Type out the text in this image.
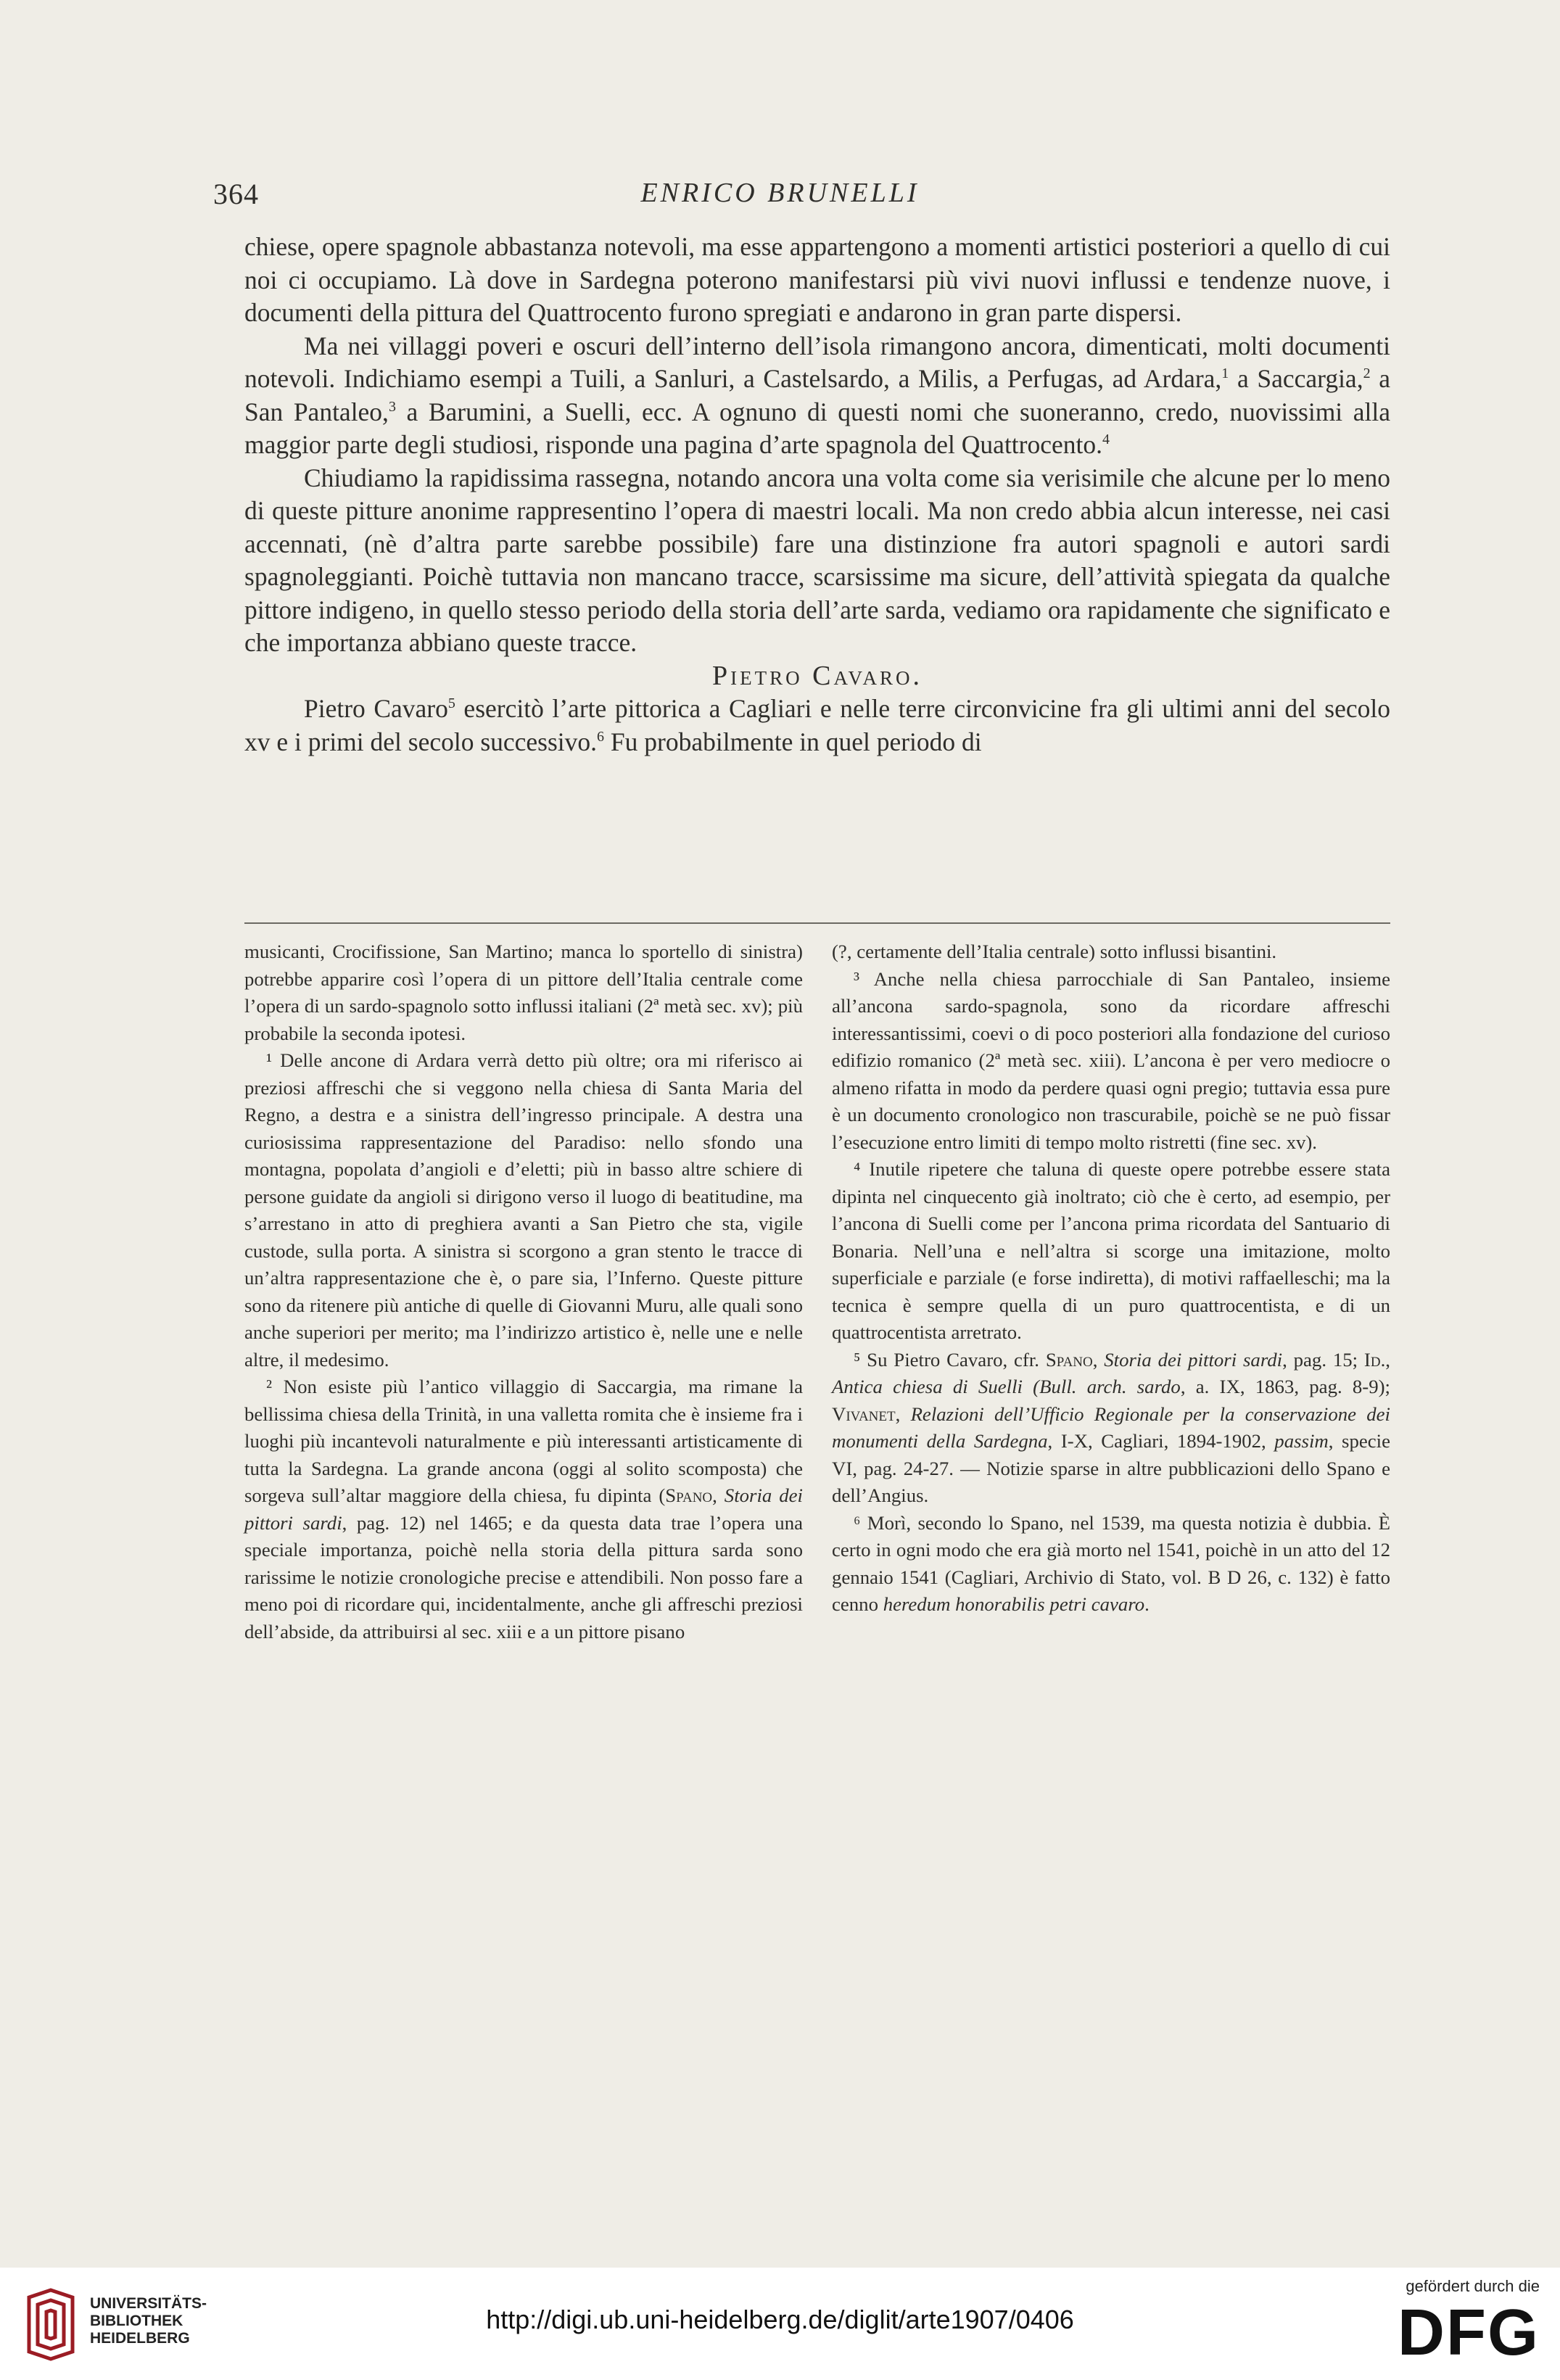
364	ENRICO BRUNELLI

chiese, opere spagnole abbastanza notevoli, ma esse appartengono a momenti artistici posteriori a quello di cui noi ci occupiamo. Là dove in Sardegna poterono manifestarsi più vivi nuovi influssi e tendenze nuove, i documenti della pittura del Quattrocento furono spregiati e andarono in gran parte dispersi.

Ma nei villaggi poveri e oscuri dell’interno dell’isola rimangono ancora, dimenticati, molti documenti notevoli. Indichiamo esempi a Tuili, a Sanluri, a Castelsardo, a Milis, a Perfugas, ad Ardara,$^1$ a Saccargia,$^2$ a San Pantaleo,$^3$ a Barumini, a Suelli, ecc. A ognuno di questi nomi che suoneranno, credo, nuovissimi alla maggior parte degli studiosi, risponde una pagina d’arte spagnola del Quattrocento.$^4$

Chiudiamo la rapidissima rassegna, notando ancora una volta come sia verisimile che alcune per lo meno di queste pitture anonime rappresentino l’opera di maestri locali. Ma non credo abbia alcun interesse, nei casi accennati, (nè d’altra parte sarebbe possibile) fare una distinzione fra autori spagnoli e autori sardi spagnoleggianti. Poichè tuttavia non mancano tracce, scarsissime ma sicure, dell’attività spiegata da qualche pittore indigeno, in quello stesso periodo della storia dell’arte sarda, vediamo ora rapidamente che significato e che importanza abbiano queste tracce.

Pietro Cavaro.

Pietro Cavaro$^5$ esercitò l’arte pittorica a Cagliari e nelle terre circonvicine fra gli ultimi anni del secolo xv e i primi del secolo successivo.$^6$ Fu probabilmente in quel periodo di

musicanti, Crocifissione, San Martino; manca lo sportello di sinistra) potrebbe apparire così l’opera di un pittore dell’Italia centrale come l’opera di un sardo-spagnolo sotto influssi italiani (2ª metà sec. xv); più probabile la seconda ipotesi.

¹ Delle ancone di Ardara verrà detto più oltre; ora mi riferisco ai preziosi affreschi che si veggono nella chiesa di Santa Maria del Regno, a destra e a sinistra dell’ingresso principale. A destra una curiosissima rappresentazione del Paradiso: nello sfondo una montagna, popolata d’angioli e d’eletti; più in basso altre schiere di persone guidate da angioli si dirigono verso il luogo di beatitudine, ma s’arrestano in atto di preghiera avanti a San Pietro che sta, vigile custode, sulla porta. A sinistra si scorgono a gran stento le tracce di un’altra rappresentazione che è, o pare sia, l’Inferno. Queste pitture sono da ritenere più antiche di quelle di Giovanni Muru, alle quali sono anche superiori per merito; ma l’indirizzo artistico è, nelle une e nelle altre, il medesimo.

² Non esiste più l’antico villaggio di Saccargia, ma rimane la bellissima chiesa della Trinità, in una valletta romita che è insieme fra i luoghi più incantevoli naturalmente e più interessanti artisticamente di tutta la Sardegna. La grande ancona (oggi al solito scomposta) che sorgeva sull’altar maggiore della chiesa, fu dipinta (Spano, Storia dei pittori sardi, pag. 12) nel 1465; e da questa data trae l’opera una speciale importanza, poichè nella storia della pittura sarda sono rarissime le notizie cronologiche precise e attendibili. Non posso fare a meno poi di ricordare qui, incidentalmente, anche gli affreschi preziosi dell’abside, da attribuirsi al sec. xiii e a un pittore pisano

(?, certamente dell’Italia centrale) sotto influssi bisantini.

³ Anche nella chiesa parrocchiale di San Pantaleo, insieme all’ancona sardo-spagnola, sono da ricordare affreschi interessantissimi, coevi o di poco posteriori alla fondazione del curioso edifizio romanico (2ª metà sec. xiii). L’ancona è per vero mediocre o almeno rifatta in modo da perdere quasi ogni pregio; tuttavia essa pure è un documento cronologico non trascurabile, poichè se ne può fissar l’esecuzione entro limiti di tempo molto ristretti (fine sec. xv).

⁴ Inutile ripetere che taluna di queste opere potrebbe essere stata dipinta nel cinquecento già inoltrato; ciò che è certo, ad esempio, per l’ancona di Suelli come per l’ancona prima ricordata del Santuario di Bonaria. Nell’una e nell’altra si scorge una imitazione, molto superficiale e parziale (e forse indiretta), di motivi raffaelleschi; ma la tecnica è sempre quella di un puro quattrocentista, e di un quattrocentista arretrato.

⁵ Su Pietro Cavaro, cfr. Spano, Storia dei pittori sardi, pag. 15; Id., Antica chiesa di Suelli (Bull. arch. sardo, a. IX, 1863, pag. 8-9); Vivanet, Relazioni dell’Ufficio Regionale per la conservazione dei monumenti della Sardegna, I-X, Cagliari, 1894-1902, passim, specie VI, pag. 24-27. — Notizie sparse in altre pubblicazioni dello Spano e dell’Angius.

⁶ Morì, secondo lo Spano, nel 1539, ma questa notizia è dubbia. È certo in ogni modo che era già morto nel 1541, poichè in un atto del 12 gennaio 1541 (Cagliari, Archivio di Stato, vol. B D 26, c. 132) è fatto cenno heredum honorabilis petri cavaro.

UNIVERSITÄTS-
BIBLIOTHEK
HEIDELBERG
http://digi.ub.uni-heidelberg.de/diglit/arte1907/0406
gefördert durch die
DFG
